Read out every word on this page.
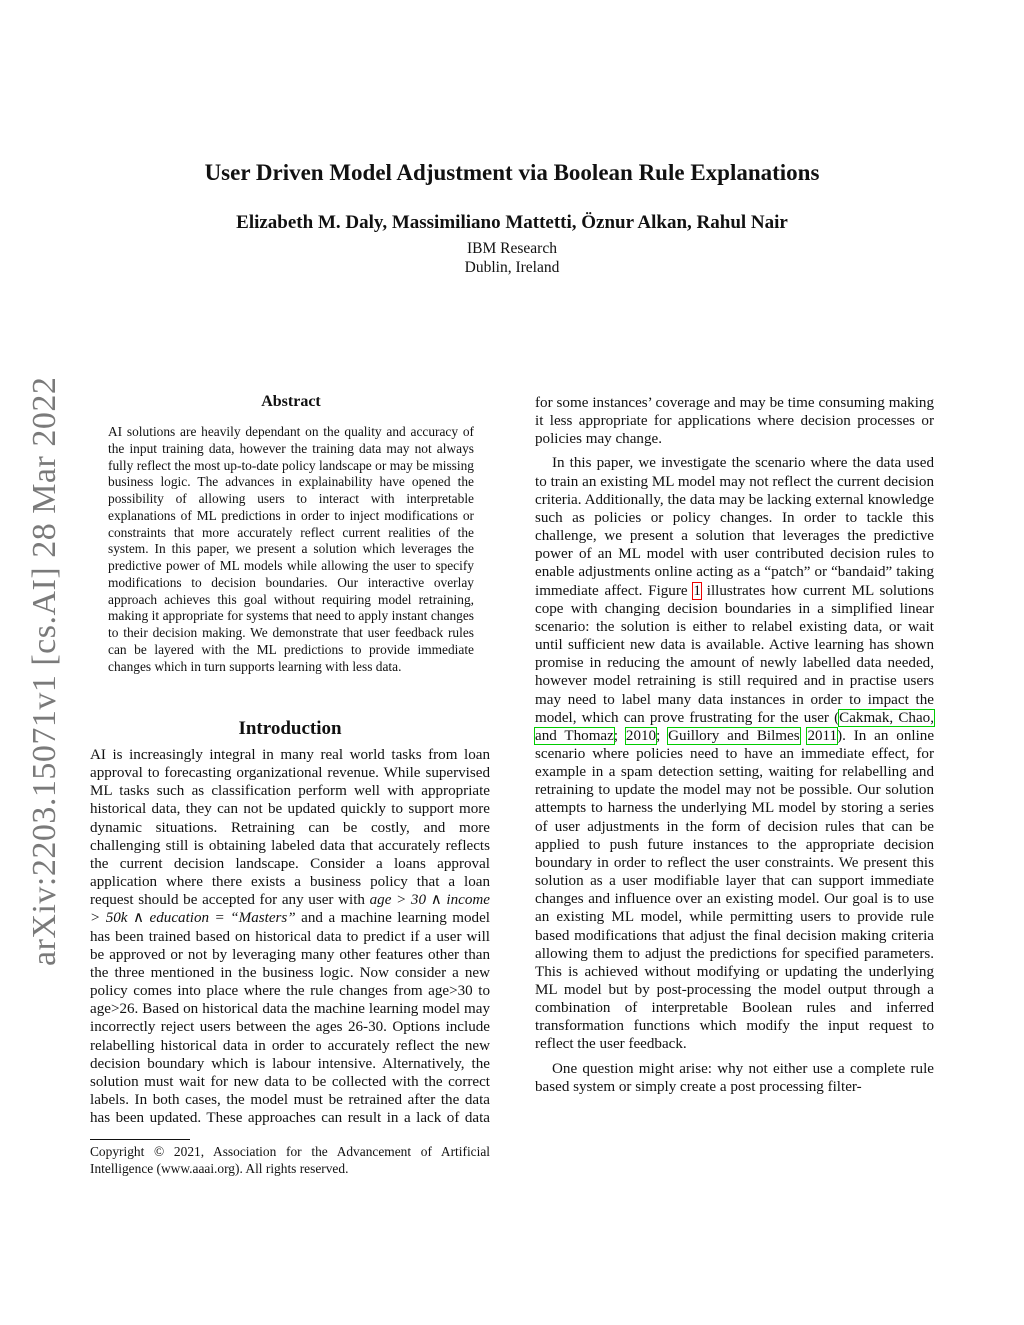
arXiv:2203.15071v1 [cs.AI] 28 Mar 2022
User Driven Model Adjustment via Boolean Rule Explanations
Elizabeth M. Daly, Massimiliano Mattetti, Öznur Alkan, Rahul Nair
IBM Research
Dublin, Ireland
Abstract

AI solutions are heavily dependant on the quality and accuracy of the input training data, however the training data may not always fully reflect the most up-to-date policy landscape or may be missing business logic. The advances in explainability have opened the possibility of allowing users to interact with interpretable explanations of ML predictions in order to inject modifications or constraints that more accurately reflect current realities of the system. In this paper, we present a solution which leverages the predictive power of ML models while allowing the user to specify modifications to decision boundaries. Our interactive overlay approach achieves this goal without requiring model retraining, making it appropriate for systems that need to apply instant changes to their decision making. We demonstrate that user feedback rules can be layered with the ML predictions to provide immediate changes which in turn supports learning with less data.

Introduction

AI is increasingly integral in many real world tasks from loan approval to forecasting organizational revenue. While supervised ML tasks such as classification perform well with appropriate historical data, they can not be updated quickly to support more dynamic situations. Retraining can be costly, and more challenging still is obtaining labeled data that accurately reflects the current decision landscape. Consider a loans approval application where there exists a business policy that a loan request should be accepted for any user with age > 30 ∧ income > 50k ∧ education = “Masters” and a machine learning model has been trained based on historical data to predict if a user will be approved or not by leveraging many other features other than the three mentioned in the business logic. Now consider a new policy comes into place where the rule changes from age>30 to age>26. Based on historical data the machine learning model may incorrectly reject users between the ages 26-30. Options include relabelling historical data in order to accurately reflect the new decision boundary which is labour intensive. Alternatively, the solution must wait for new data to be collected with the correct labels. In both cases, the model must be retrained after the data has been updated. These approaches can result in a lack of data

for some instances’ coverage and may be time consuming making it less appropriate for applications where decision processes or policies may change.

In this paper, we investigate the scenario where the data used to train an existing ML model may not reflect the current decision criteria. Additionally, the data may be lacking external knowledge such as policies or policy changes. In order to tackle this challenge, we present a solution that leverages the predictive power of an ML model with user contributed decision rules to enable adjustments online acting as a “patch” or “bandaid” taking immediate affect. Figure 1 illustrates how current ML solutions cope with changing decision boundaries in a simplified linear scenario: the solution is either to relabel existing data, or wait until sufficient new data is available. Active learning has shown promise in reducing the amount of newly labelled data needed, however model retraining is still required and in practise users may need to label many data instances in order to impact the model, which can prove frustrating for the user (Cakmak, Chao, and Thomaz; 2010; Guillory and Bilmes 2011). In an online scenario where policies need to have an immediate effect, for example in a spam detection setting, waiting for relabelling and retraining to update the model may not be possible. Our solution attempts to harness the underlying ML model by storing a series of user adjustments in the form of decision rules that can be applied to push future instances to the appropriate decision boundary in order to reflect the user constraints. We present this solution as a user modifiable layer that can support immediate changes and influence over an existing model. Our goal is to use an existing ML model, while permitting users to provide rule based modifications that adjust the final decision making criteria allowing them to adjust the predictions for specified parameters. This is achieved without modifying or updating the underlying ML model but by post-processing the model output through a combination of interpretable Boolean rules and inferred transformation functions which modify the input request to reflect the user feedback.

One question might arise: why not either use a complete rule based system or simply create a post processing filter-

Copyright © 2021, Association for the Advancement of Artificial Intelligence (www.aaai.org). All rights reserved.
